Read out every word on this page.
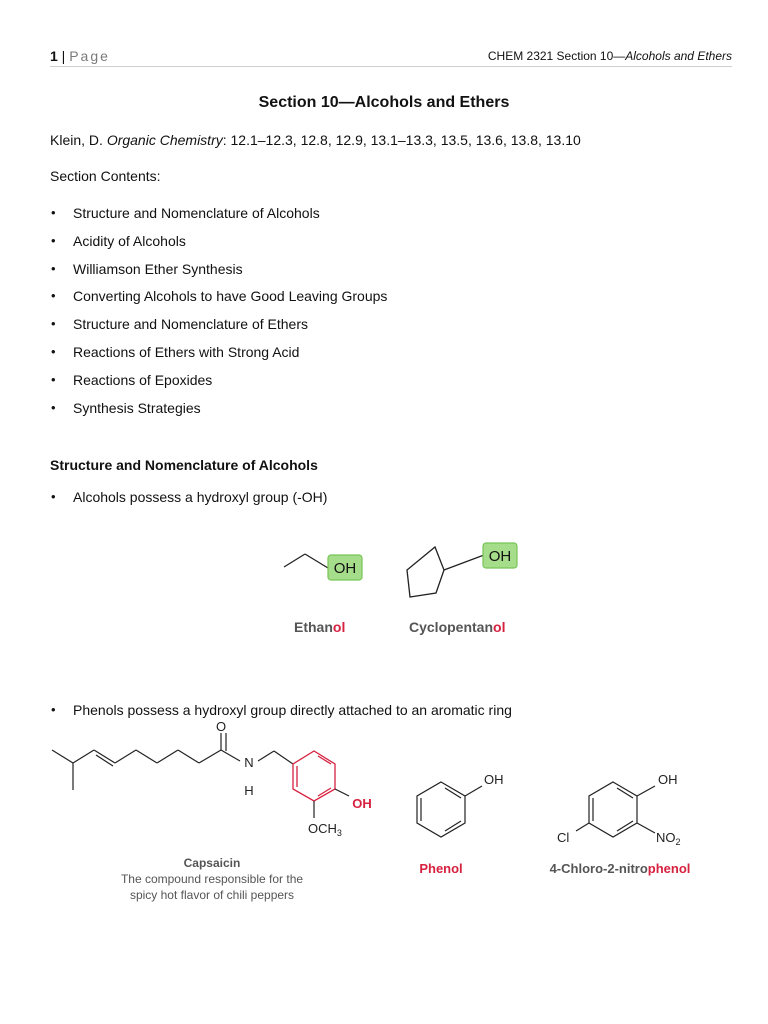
1 | Page	CHEM 2321 Section 10—Alcohols and Ethers
Section 10—Alcohols and Ethers
Klein, D. Organic Chemistry: 12.1–12.3, 12.8, 12.9, 13.1–13.3, 13.5, 13.6, 13.8, 13.10
Section Contents:
• Structure and Nomenclature of Alcohols
• Acidity of Alcohols
• Williamson Ether Synthesis
• Converting Alcohols to have Good Leaving Groups
• Structure and Nomenclature of Ethers
• Reactions of Ethers with Strong Acid
• Reactions of Epoxides
• Synthesis Strategies
Structure and Nomenclature of Alcohols
• Alcohols possess a hydroxyl group (-OH)
OH
OH
Ethanol	Cyclopentanol
• Phenols possess a hydroxyl group directly attached to an aromatic ring
O
N
H
OH
$OCH_3$
Capsaicin
The compound responsible for the
spicy hot flavor of chili peppers
OH
Phenol
OH
$NO_2$
Cl
4-Chloro-2-nitrophenol
